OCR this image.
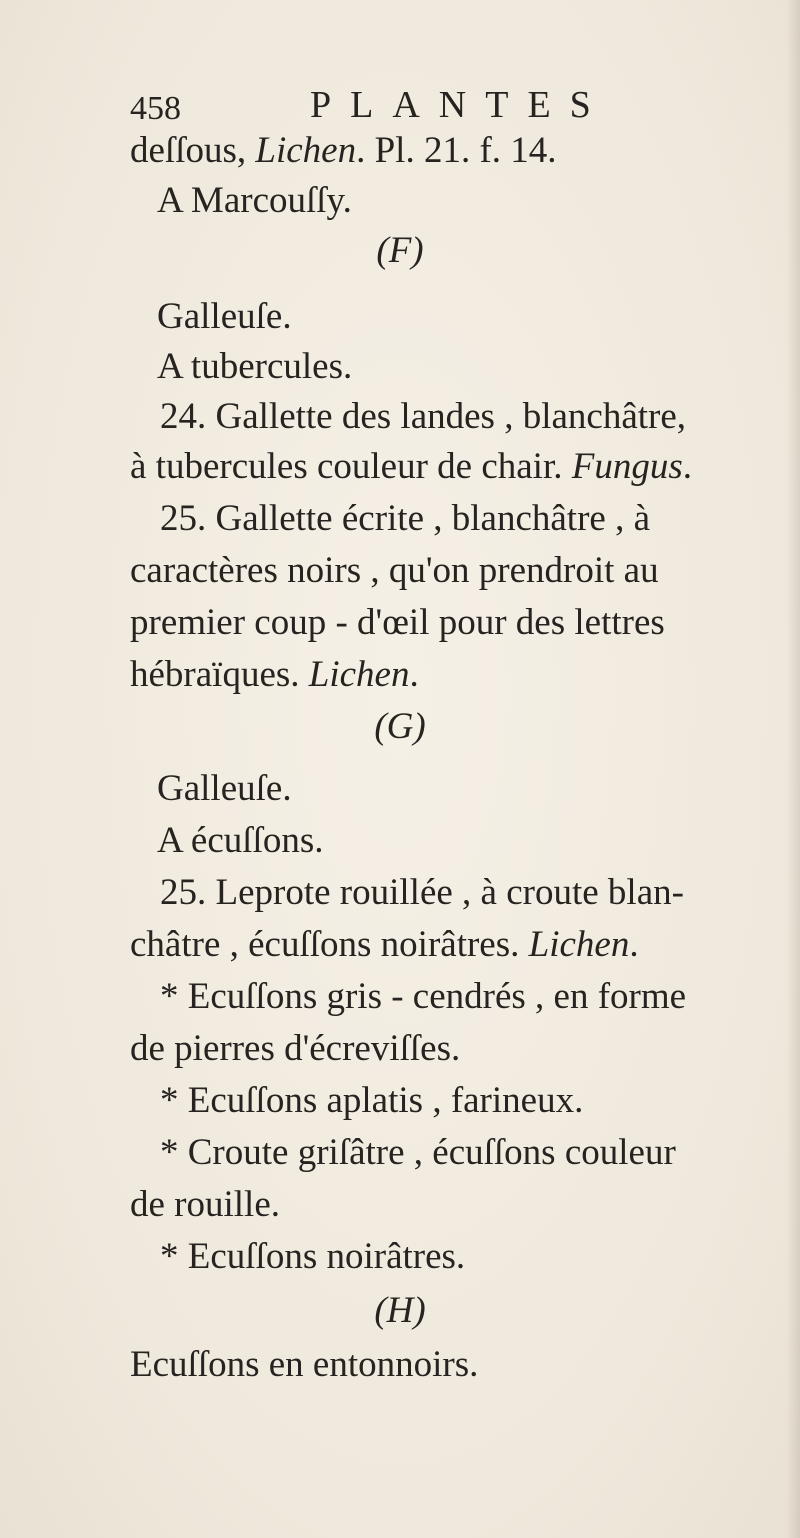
458	PLANTES
deſſous, Lichen. Pl. 21. f. 14.
A Marcouſſy.
(F)
Galleuſe.
A tubercules.
24. Gallette des landes , blanchâtre,
à tubercules couleur de chair. Fungus.
25. Gallette écrite , blanchâtre , à
caractères noirs , qu'on prendroit au
premier coup - d'œil pour des lettres
hébraïques. Lichen.
(G)
Galleuſe.
A écuſſons.
25. Leprote rouillée , à croute blan-
châtre , écuſſons noirâtres. Lichen.
* Ecuſſons gris - cendrés , en forme
de pierres d'écreviſſes.
* Ecuſſons aplatis , farineux.
* Croute griſâtre , écuſſons couleur
de rouille.
* Ecuſſons noirâtres.
(H)
Ecuſſons en entonnoirs.
